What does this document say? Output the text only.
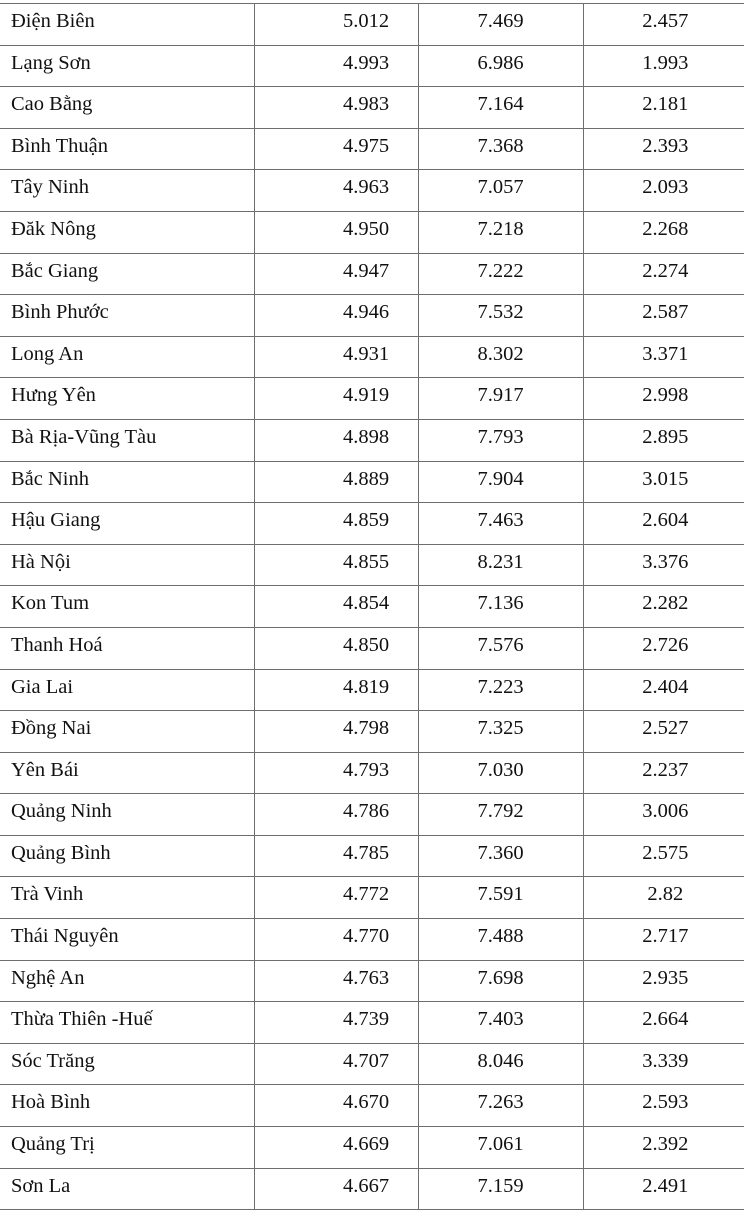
Điện Biên	5.012	7.469	2.457
Lạng Sơn	4.993	6.986	1.993
Cao Bằng	4.983	7.164	2.181
Bình Thuận	4.975	7.368	2.393
Tây Ninh	4.963	7.057	2.093
Đăk Nông	4.950	7.218	2.268
Bắc Giang	4.947	7.222	2.274
Bình Phước	4.946	7.532	2.587
Long An	4.931	8.302	3.371
Hưng Yên	4.919	7.917	2.998
Bà Rịa-Vũng Tàu	4.898	7.793	2.895
Bắc Ninh	4.889	7.904	3.015
Hậu Giang	4.859	7.463	2.604
Hà Nội	4.855	8.231	3.376
Kon Tum	4.854	7.136	2.282
Thanh Hoá	4.850	7.576	2.726
Gia Lai	4.819	7.223	2.404
Đồng Nai	4.798	7.325	2.527
Yên Bái	4.793	7.030	2.237
Quảng Ninh	4.786	7.792	3.006
Quảng Bình	4.785	7.360	2.575
Trà Vinh	4.772	7.591	2.82
Thái Nguyên	4.770	7.488	2.717
Nghệ An	4.763	7.698	2.935
Thừa Thiên -Huế	4.739	7.403	2.664
Sóc Trăng	4.707	8.046	3.339
Hoà Bình	4.670	7.263	2.593
Quảng Trị	4.669	7.061	2.392
Sơn La	4.667	7.159	2.491
